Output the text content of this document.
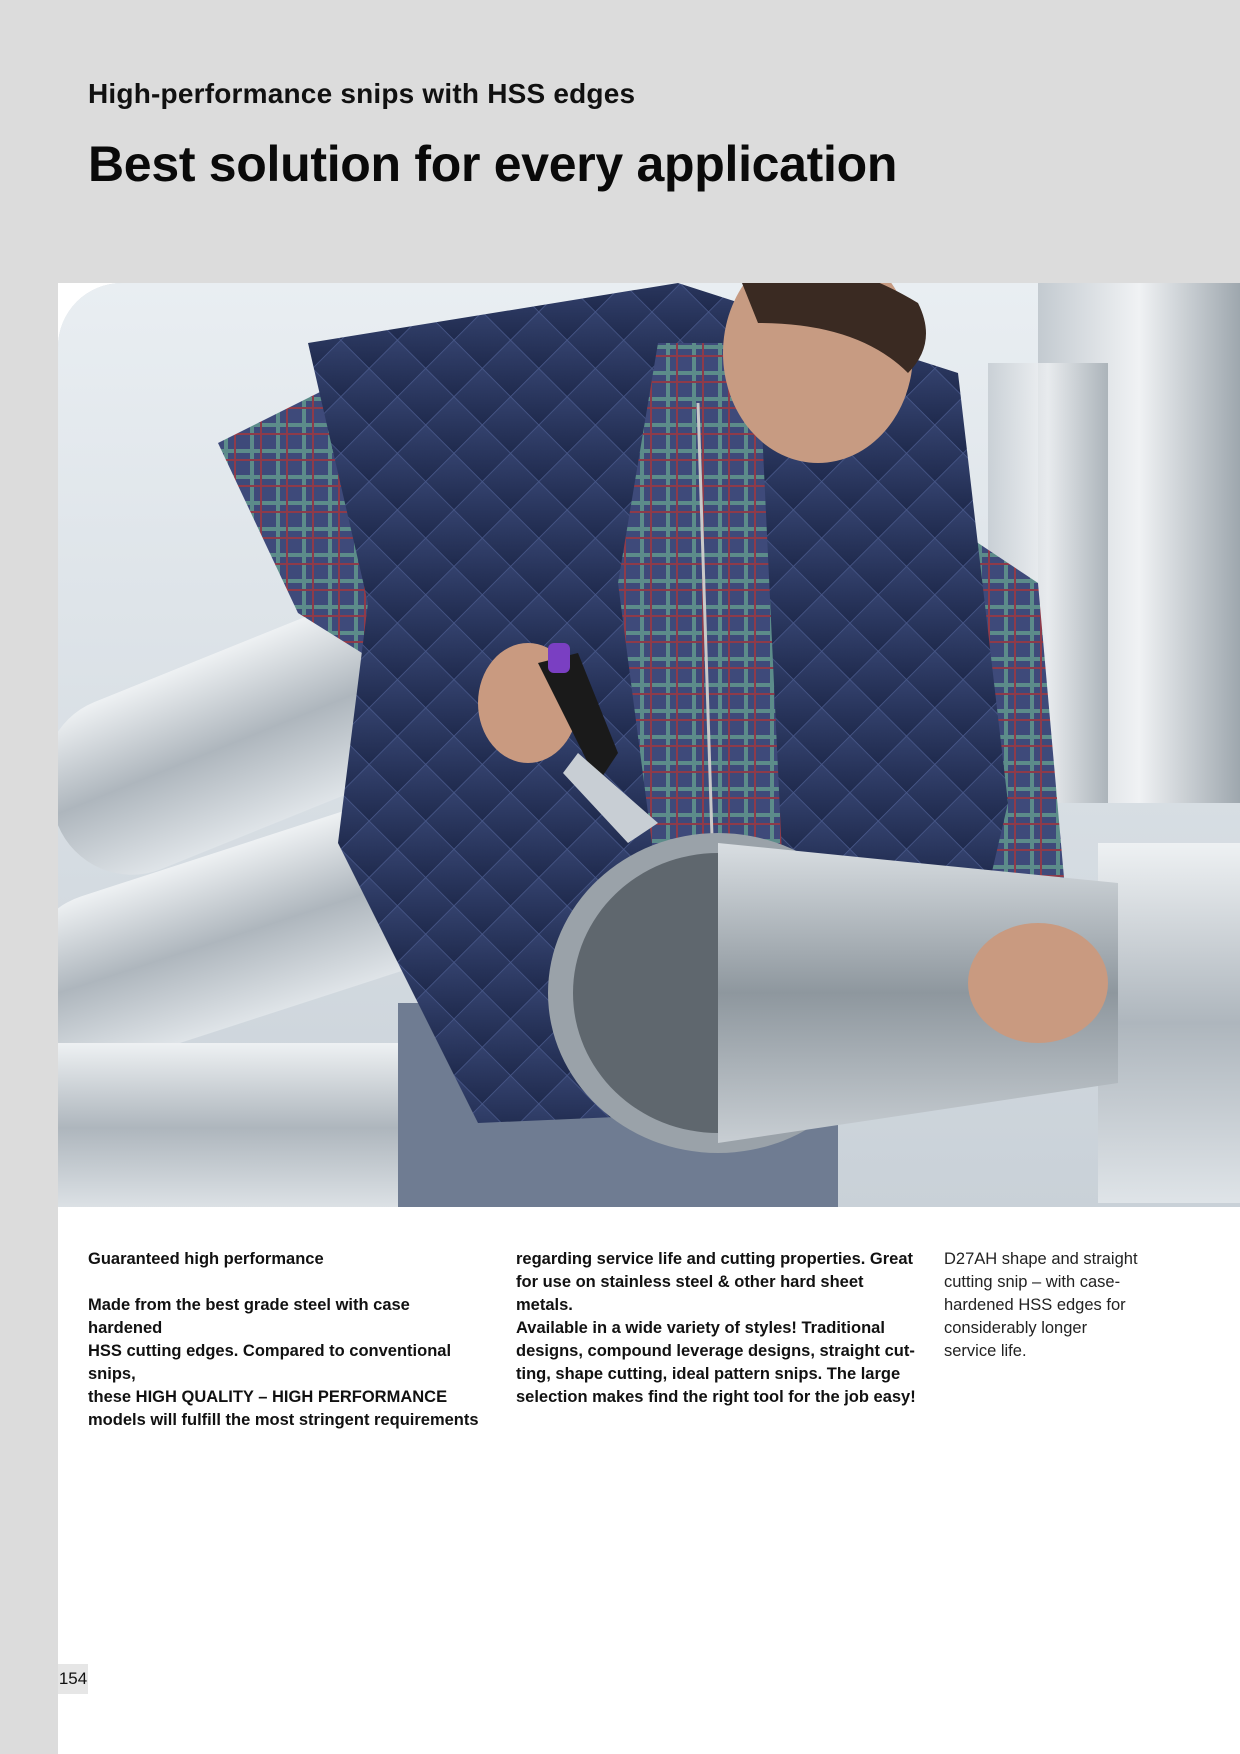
High-performance snips with HSS edges
Best solution for every application

Guaranteed high performance

Made from the best grade steel with case hardened

HSS cutting edges. Compared to conventional snips,

these HIGH QUALITY – HIGH PERFORMANCE

models will fulfill the most stringent requirements

regarding service life and cutting properties. Great

for use on stainless steel & other hard sheet metals.

Available in a wide variety of styles! Traditional

designs, compound leverage designs, straight cut-

ting, shape cutting, ideal pattern snips. The large

selection makes find the right tool for the job easy!

D27AH shape and straight

cutting snip – with case-

hardened HSS edges for

considerably longer

service life.

154
